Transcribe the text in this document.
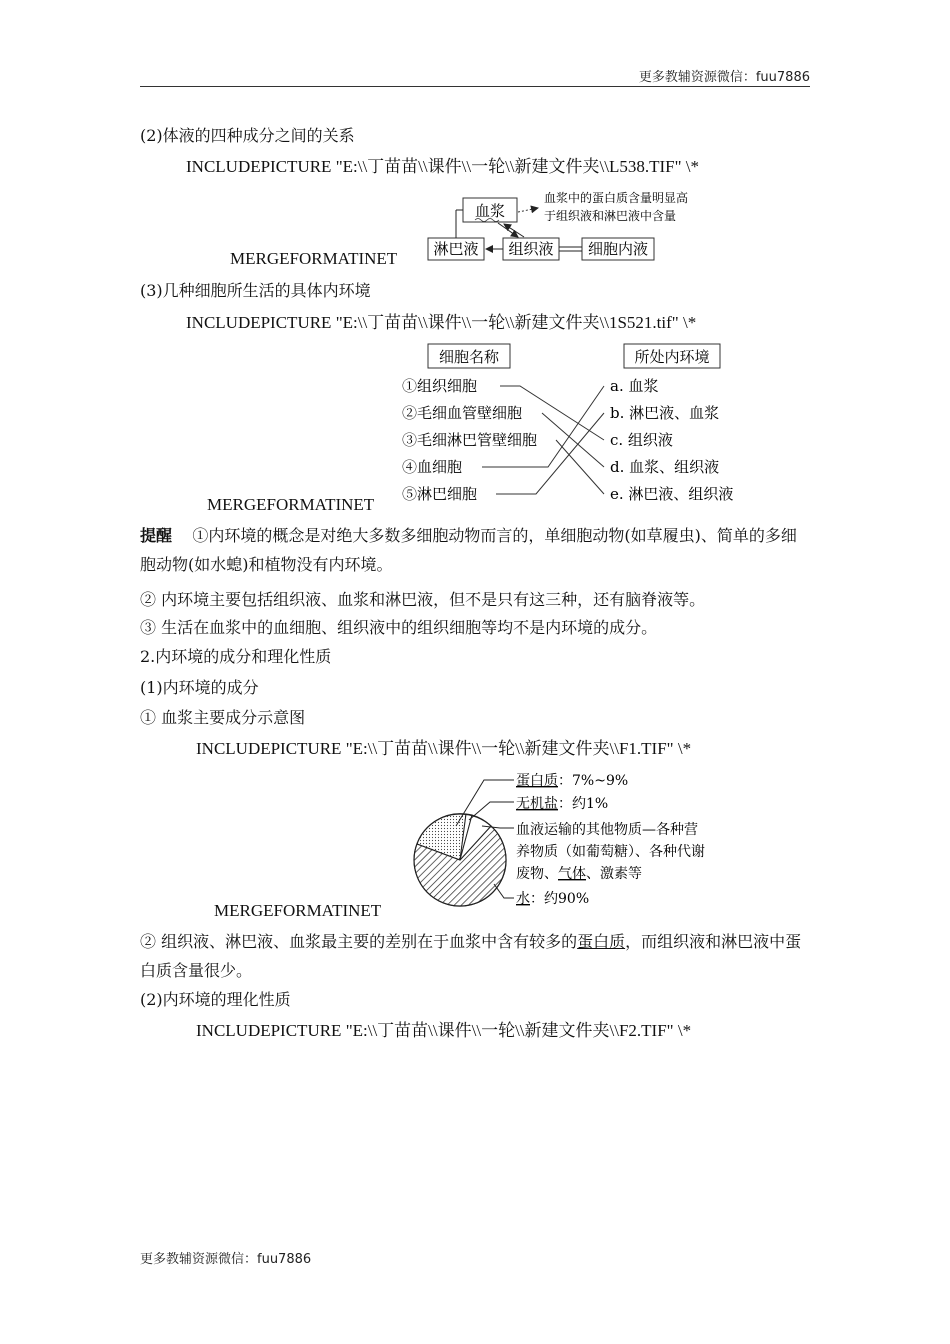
更多教辅资源微信：fuu7886
(2)体液的四种成分之间的关系
INCLUDEPICTURE "E:\\丁苗苗\\课件\\一轮\\新建文件夹\\L538.TIF" \*
血浆
血浆中的蛋白质含量明显高
于组织液和淋巴液中含量
淋巴液 组织液 细胞内液
MERGEFORMATINET
(3)几种细胞所生活的具体内环境
INCLUDEPICTURE "E:\\丁苗苗\\课件\\一轮\\新建文件夹\\1S521.tif" \*
细胞名称	所处内环境
①组织细胞
②毛细血管壁细胞
③毛细淋巴管壁细胞
④血细胞
⑤淋巴细胞
a. 血浆
b. 淋巴液、血浆
c. 组织液
d. 血浆、组织液
e. 淋巴液、组织液
MERGEFORMATINET
提醒 ①内环境的概念是对绝大多数多细胞动物而言的，单细胞动物(如草履虫)、简单的多细胞动物(如水螅)和植物没有内环境。
② 内环境主要包括组织液、血浆和淋巴液，但不是只有这三种，还有脑脊液等。
③ 生活在血浆中的血细胞、组织液中的组织细胞等均不是内环境的成分。
2.内环境的成分和理化性质
(1)内环境的成分
① 血浆主要成分示意图
INCLUDEPICTURE "E:\\丁苗苗\\课件\\一轮\\新建文件夹\\F1.TIF" \*
蛋白质：7%~9%
无机盐：约1%
血液运输的其他物质—各种营
养物质（如葡萄糖）、各种代谢
废物、气体、激素等
水：约90%
MERGEFORMATINET
② 组织液、淋巴液、血浆最主要的差别在于血浆中含有较多的蛋白质，而组织液和淋巴液中蛋白质含量很少。
(2)内环境的理化性质
INCLUDEPICTURE "E:\\丁苗苗\\课件\\一轮\\新建文件夹\\F2.TIF" \*
更多教辅资源微信：fuu7886
